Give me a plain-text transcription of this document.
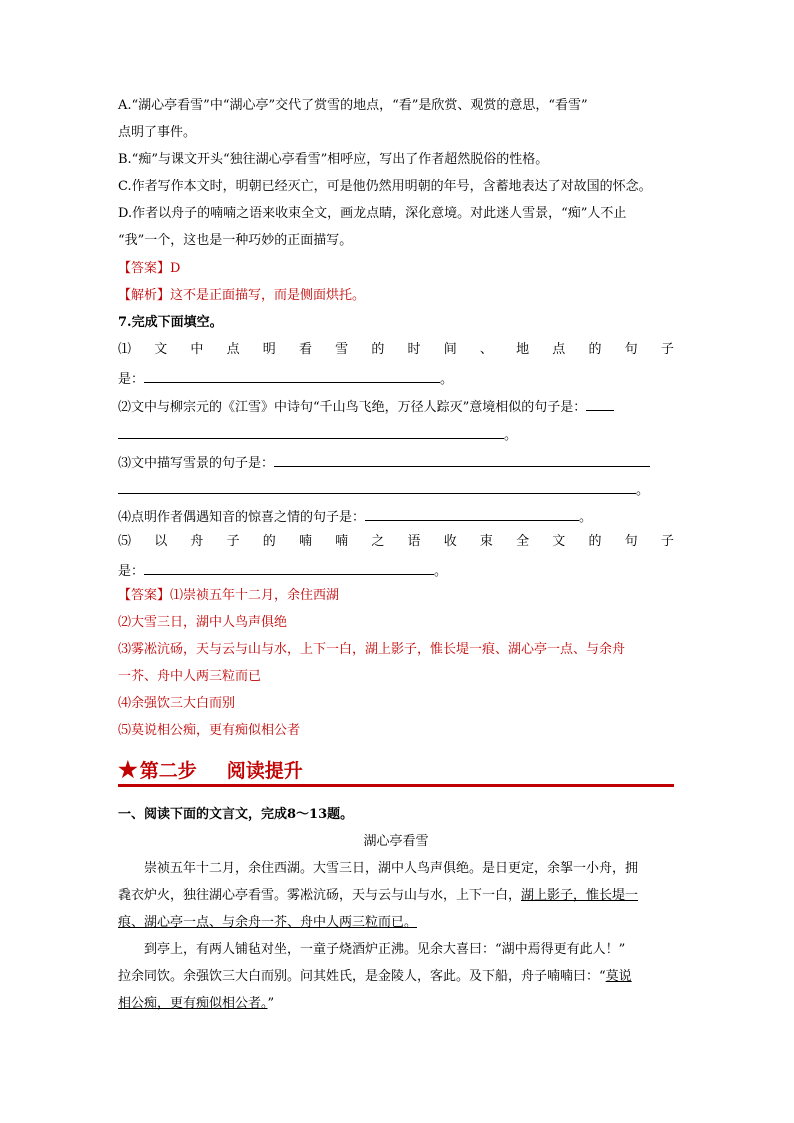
A.“湖心亭看雪”中“湖心亭”交代了赏雪的地点，“看”是欣赏、观赏的意思，“看雪”
点明了事件。
B.“痴”与课文开头“独往湖心亭看雪”相呼应，写出了作者超然脱俗的性格。
C.作者写作本文时，明朝已经灭亡，可是他仍然用明朝的年号，含蓄地表达了对故国的怀念。
D.作者以舟子的喃喃之语来收束全文，画龙点睛，深化意境。对此迷人雪景，“痴”人不止
“我”一个，这也是一种巧妙的正面描写。
【答案】D
【解析】这不是正面描写，而是侧面烘托。
7.完成下面填空。
⑴ 文 中 点 明 看 雪 的 时 间 、 地 点 的 句 子
是：	。
⑵文中与柳宗元的《江雪》中诗句“千山鸟飞绝，万径人踪灭”意境相似的句子是：
。
⑶文中描写雪景的句子是：
。
⑷点明作者偶遇知音的惊喜之情的句子是：	。
⑸ 以 舟 子 的 喃 喃 之 语 收 束 全 文 的 句 子
是：	。
【答案】⑴崇祯五年十二月，余住西湖
⑵大雪三日，湖中人鸟声俱绝
⑶雾凇沆砀，天与云与山与水，上下一白，湖上影子，惟长堤一痕、湖心亭一点、与余舟
一芥、舟中人两三粒而已
⑷余强饮三大白而别
⑸莫说相公痴，更有痴似相公者
★ 第二步 阅读提升
一、阅读下面的文言文，完成8～13题。
湖心亭看雪
崇祯五年十二月，余住西湖。大雪三日，湖中人鸟声俱绝。是日更定，余挐一小舟，拥
毳衣炉火，独往湖心亭看雪。雾凇沆砀，天与云与山与水，上下一白，湖上影子，惟长堤一
痕、湖心亭一点、与余舟一芥、舟中人两三粒而已。
到亭上，有两人铺毡对坐，一童子烧酒炉正沸。见余大喜曰：“湖中焉得更有此人！”
拉余同饮。余强饮三大白而别。问其姓氏，是金陵人，客此。及下船，舟子喃喃曰：“莫说
相公痴，更有痴似相公者。”
